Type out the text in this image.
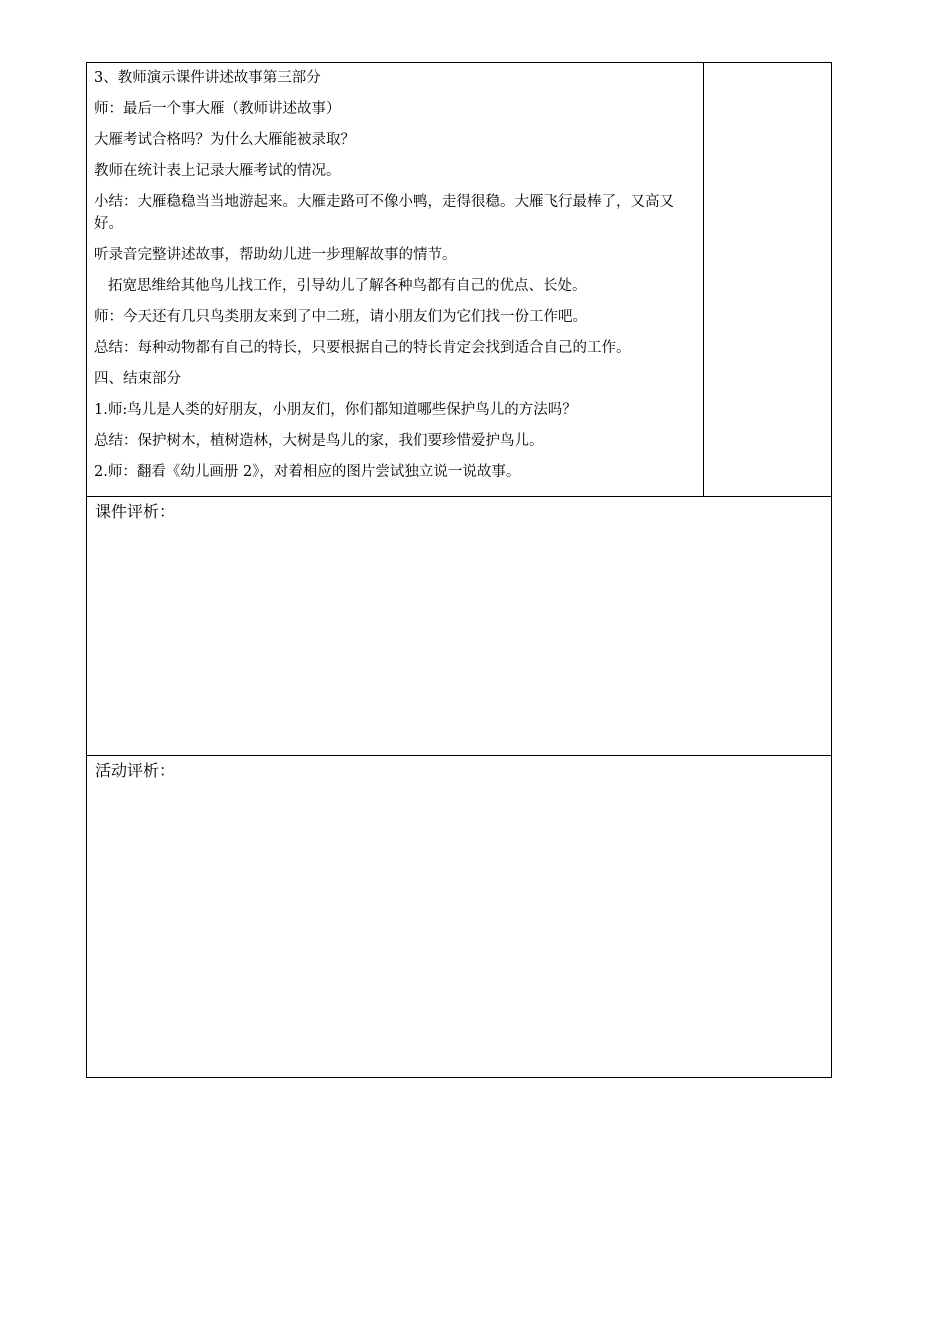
3、教师演示课件讲述故事第三部分

师：最后一个事大雁（教师讲述故事）

大雁考试合格吗？为什么大雁能被录取？

教师在统计表上记录大雁考试的情况。

小结：大雁稳稳当当地游起来。大雁走路可不像小鸭，走得很稳。大雁飞行最棒了，又高又好。

听录音完整讲述故事，帮助幼儿进一步理解故事的情节。

拓宽思维给其他鸟儿找工作，引导幼儿了解各种鸟都有自己的优点、长处。

师：今天还有几只鸟类朋友来到了中二班，请小朋友们为它们找一份工作吧。

总结：每种动物都有自己的特长，只要根据自己的特长肯定会找到适合自己的工作。

四、结束部分

1.师:鸟儿是人类的好朋友，小朋友们，你们都知道哪些保护鸟儿的方法吗？

总结：保护树木，植树造林，大树是鸟儿的家，我们要珍惜爱护鸟儿。

2.师：翻看《幼儿画册 2》，对着相应的图片尝试独立说一说故事。

课件评析：

活动评析：
